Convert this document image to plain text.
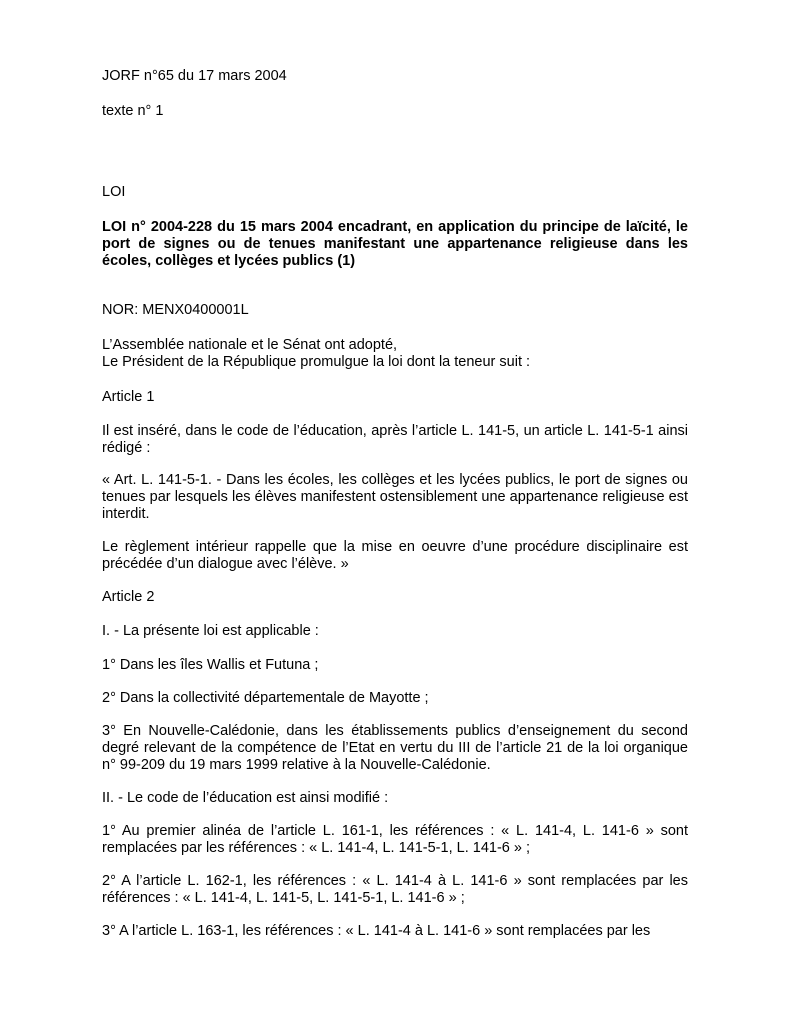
JORF n°65 du 17 mars 2004
texte n° 1
LOI
LOI n° 2004-228 du 15 mars 2004 encadrant, en application du principe de laïcité, le port de signes ou de tenues manifestant une appartenance religieuse dans les écoles, collèges et lycées publics (1)
NOR: MENX0400001L
L’Assemblée nationale et le Sénat ont adopté,
Le Président de la République promulgue la loi dont la teneur suit :
Article 1
Il est inséré, dans le code de l’éducation, après l’article L. 141-5, un article L. 141-5-1 ainsi rédigé :
« Art. L. 141-5-1. - Dans les écoles, les collèges et les lycées publics, le port de signes ou tenues par lesquels les élèves manifestent ostensiblement une appartenance religieuse est interdit.
Le règlement intérieur rappelle que la mise en oeuvre d’une procédure disciplinaire est précédée d’un dialogue avec l’élève. »
Article 2
I. - La présente loi est applicable :
1° Dans les îles Wallis et Futuna ;
2° Dans la collectivité départementale de Mayotte ;
3° En Nouvelle-Calédonie, dans les établissements publics d’enseignement du second degré relevant de la compétence de l’Etat en vertu du III de l’article 21 de la loi organique n° 99-209 du 19 mars 1999 relative à la Nouvelle-Calédonie.
II. - Le code de l’éducation est ainsi modifié :
1° Au premier alinéa de l’article L. 161-1, les références : « L. 141-4, L. 141-6 » sont remplacées par les références : « L. 141-4, L. 141-5-1, L. 141-6 » ;
2° A l’article L. 162-1, les références : « L. 141-4 à L. 141-6 » sont remplacées par les références : « L. 141-4, L. 141-5, L. 141-5-1, L. 141-6 » ;
3° A l’article L. 163-1, les références : « L. 141-4 à L. 141-6 » sont remplacées par les
